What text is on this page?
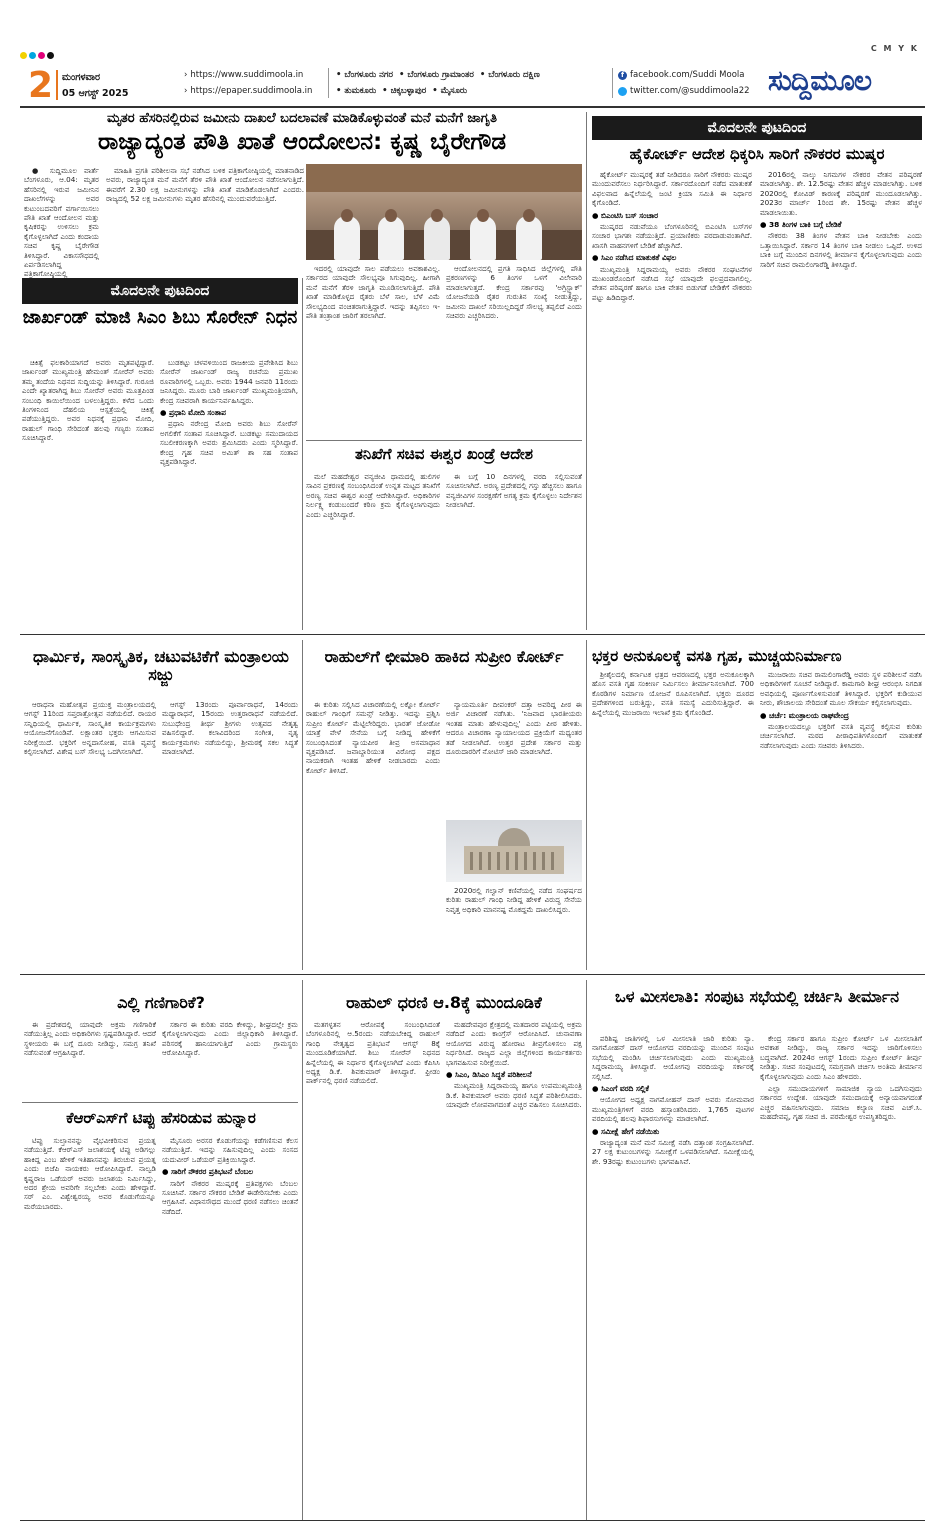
C M Y K
2 ಮಂಗಳವಾರ
05 ಆಗಸ್ಟ್ 2025
› https://www.suddimoola.in
› https://epaper.suddimoola.in
• ಬೆಂಗಳೂರು ನಗರ • ಬೆಂಗಳೂರು ಗ್ರಾಮಾಂತರ • ಬೆಂಗಳೂರು ದಕ್ಷಿಣ
• ತುಮಕೂರು • ಚಿಕ್ಕಬಳ್ಳಾಪುರ • ಮೈಸೂರು
f facebook.com/Suddi Moola
twitter.com/@suddimoola22 ಸುದ್ದಿಮೂಲ
ಮೃತರ ಹೆಸರಿನಲ್ಲಿರುವ ಜಮೀನು ದಾಖಲೆ ಬದಲಾವಣೆ ಮಾಡಿಕೊಳ್ಳುವಂತೆ ಮನೆ ಮನೆಗೆ ಜಾಗೃತಿ
ರಾಜ್ಯಾದ್ಯಂತ ಪೌತಿ ಖಾತೆ ಆಂದೋಲನ: ಕೃಷ್ಣ ಬೈರೇಗೌಡ

● ಸುದ್ದಿಮೂಲ ವಾರ್ತೆ ಬೆಂಗಳೂರು, ಆ.04: ಮೃತರ ಹೆಸರಿನಲ್ಲಿ ಇರುವ ಜಮೀನಿನ ದಾಖಲೆಗಳನ್ನು ಅವರ ಕುಟುಂಬದವರಿಗೆ ವರ್ಗಾಯಿಸಲು ಪೌತಿ ಖಾತೆ ಆಂದೋಲನ ಮತ್ತು ಕೃಷಿಕರನ್ನು ಉಳಿಸಲು ಕ್ರಮ ಕೈಗೊಳ್ಳಲಾಗಿದೆ ಎಂದು ಕಂದಾಯ ಸಚಿವ ಕೃಷ್ಣ ಬೈರೇಗೌಡ ತಿಳಿಸಿದ್ದಾರೆ. ವಿಕಾಸಸೌಧದಲ್ಲಿ ಏರ್ಪಡಿಸಲಾಗಿದ್ದ ಪತ್ರಿಕಾಗೋಷ್ಠಿಯಲ್ಲಿ

ಮಾಹಿತಿ ಪ್ರಗತಿ ಪರಿಶೀಲನಾ ಸಭೆ ನಡೆಸಿದ ಬಳಿಕ ಪತ್ರಿಕಾಗೋಷ್ಠಿಯಲ್ಲಿ ಮಾತನಾಡಿದ ಅವರು, ರಾಜ್ಯಾದ್ಯಂತ ಮನೆ ಮನೆಗೆ ತೆರಳಿ ಪೌತಿ ಖಾತೆ ಆಂದೋಲನ ನಡೆಸಲಾಗುತ್ತಿದೆ. ಈವರೆಗೆ 2.30 ಲಕ್ಷ ಜಮೀನುಗಳನ್ನು ಪೌತಿ ಖಾತೆ ಮಾಡಿಕೊಡಲಾಗಿದೆ ಎಂದರು. ರಾಜ್ಯದಲ್ಲಿ 52 ಲಕ್ಷ ಜಮೀನುಗಳು ಮೃತರ ಹೆಸರಿನಲ್ಲಿ ಮುಂದುವರೆಯುತ್ತಿದೆ.

ಇದರಲ್ಲಿ ಯಾವುದೇ ಸಾಲ ಪಡೆಯಲು ಅವಕಾಶವಿಲ್ಲ. ಸರ್ಕಾರದ ಯಾವುದೇ ಸೌಲಭ್ಯವೂ ಸಿಗುವುದಿಲ್ಲ. ಹೀಗಾಗಿ ಮನೆ ಮನೆಗೆ ತೆರಳಿ ಜಾಗೃತಿ ಮೂಡಿಸಲಾಗುತ್ತಿದೆ. ಪೌತಿ ಖಾತೆ ಮಾಡಿಕೊಳ್ಳದ ರೈತರು ಬೆಳೆ ಸಾಲ, ಬೆಳೆ ವಿಮೆ ಸೌಲಭ್ಯದಿಂದ ವಂಚಿತರಾಗುತ್ತಿದ್ದಾರೆ. ಇದನ್ನು ತಪ್ಪಿಸಲು ಇ-ಪೌತಿ ತಂತ್ರಾಂಶ ಜಾರಿಗೆ ತರಲಾಗಿದೆ.

ಆಂದೋಲನದಲ್ಲಿ ಪ್ರಗತಿ ಸಾಧಿಸಿದ ಜಿಲ್ಲೆಗಳಲ್ಲಿ ಪೌತಿ ಪ್ರಕರಣಗಳನ್ನು 6 ತಿಂಗಳ ಒಳಗೆ ವಿಲೇವಾರಿ ಮಾಡಲಾಗುತ್ತದೆ. ಕೇಂದ್ರ ಸರ್ಕಾರವು 'ಅಗ್ರಿಸ್ಟ್ಯಾಕ್' ಯೋಜನೆಯಡಿ ರೈತರ ಗುರುತಿನ ಸಂಖ್ಯೆ ನೀಡುತ್ತಿದ್ದು, ಜಮೀನು ದಾಖಲೆ ಸರಿಯಿಲ್ಲದಿದ್ದರೆ ಸೌಲಭ್ಯ ತಪ್ಪಲಿದೆ ಎಂದು ಸಚಿವರು ಎಚ್ಚರಿಸಿದರು.

ಮೊದಲನೇ ಪುಟದಿಂದ
ಜಾರ್ಖಂಡ್ ಮಾಜಿ ಸಿಎಂ ಶಿಬು ಸೊರೇನ್ ನಿಧನ

ಚಿಕಿತ್ಸೆ ಫಲಕಾರಿಯಾಗದೆ ಅವರು ಮೃತಪಟ್ಟಿದ್ದಾರೆ. ಜಾರ್ಖಂಡ್ ಮುಖ್ಯಮಂತ್ರಿ ಹೇಮಂತ್ ಸೋರೆನ್ ಅವರು ತಮ್ಮ ತಂದೆಯ ನಿಧನದ ಸುದ್ದಿಯನ್ನು ತಿಳಿಸಿದ್ದಾರೆ. ಗುರೂಜಿ ಎಂದೇ ಖ್ಯಾತರಾಗಿದ್ದ ಶಿಬು ಸೋರೆನ್ ಅವರು ಮೂತ್ರಪಿಂಡ ಸಂಬಂಧಿ ಕಾಯಿಲೆಯಿಂದ ಬಳಲುತ್ತಿದ್ದರು. ಕಳೆದ ಒಂದು ತಿಂಗಳಿನಿಂದ ದೆಹಲಿಯ ಆಸ್ಪತ್ರೆಯಲ್ಲಿ ಚಿಕಿತ್ಸೆ ಪಡೆಯುತ್ತಿದ್ದರು. ಅವರ ನಿಧನಕ್ಕೆ ಪ್ರಧಾನಿ ಮೋದಿ, ರಾಹುಲ್ ಗಾಂಧಿ ಸೇರಿದಂತೆ ಹಲವು ಗಣ್ಯರು ಸಂತಾಪ ಸೂಚಿಸಿದ್ದಾರೆ.

ಬುಡಕಟ್ಟು ಚಳವಳಿಯಿಂದ ರಾಜಕೀಯ ಪ್ರವೇಶಿಸಿದ ಶಿಬು ಸೋರೆನ್ ಜಾರ್ಖಂಡ್ ರಾಜ್ಯ ರಚನೆಯ ಪ್ರಮುಖ ರೂವಾರಿಗಳಲ್ಲಿ ಒಬ್ಬರು. ಅವರು 1944 ಜನವರಿ 11ರಂದು ಜನಿಸಿದ್ದರು. ಮೂರು ಬಾರಿ ಜಾರ್ಖಂಡ್ ಮುಖ್ಯಮಂತ್ರಿಯಾಗಿ, ಕೇಂದ್ರ ಸಚಿವರಾಗಿ ಕಾರ್ಯನಿರ್ವಹಿಸಿದ್ದರು.

● ಪ್ರಧಾನಿ ಮೋದಿ ಸಂತಾಪ

ಪ್ರಧಾನಿ ನರೇಂದ್ರ ಮೋದಿ ಅವರು ಶಿಬು ಸೋರೆನ್ ಅಗಲಿಕೆಗೆ ಸಂತಾಪ ಸೂಚಿಸಿದ್ದಾರೆ. ಬುಡಕಟ್ಟು ಸಮುದಾಯದ ಸಬಲೀಕರಣಕ್ಕಾಗಿ ಅವರು ಶ್ರಮಿಸಿದರು ಎಂದು ಸ್ಮರಿಸಿದ್ದಾರೆ. ಕೇಂದ್ರ ಗೃಹ ಸಚಿವ ಅಮಿತ್ ಶಾ ಸಹ ಸಂತಾಪ ವ್ಯಕ್ತಪಡಿಸಿದ್ದಾರೆ.	ತನಿಖೆಗೆ ಸಚಿವ ಈಶ್ವರ ಖಂಡ್ರೆ ಆದೇಶ

ಮಲೆ ಮಹದೇಶ್ವರ ವನ್ಯಜೀವಿ ಧಾಮದಲ್ಲಿ ಹುಲಿಗಳ ಸಾವಿನ ಪ್ರಕರಣಕ್ಕೆ ಸಂಬಂಧಿಸಿದಂತೆ ಉನ್ನತ ಮಟ್ಟದ ತನಿಖೆಗೆ ಅರಣ್ಯ ಸಚಿವ ಈಶ್ವರ ಖಂಡ್ರೆ ಆದೇಶಿಸಿದ್ದಾರೆ. ಅಧಿಕಾರಿಗಳ ನಿರ್ಲಕ್ಷ್ಯ ಕಂಡುಬಂದರೆ ಕಠಿಣ ಕ್ರಮ ಕೈಗೊಳ್ಳಲಾಗುವುದು ಎಂದು ಎಚ್ಚರಿಸಿದ್ದಾರೆ.

ಈ ಬಗ್ಗೆ 10 ದಿನಗಳಲ್ಲಿ ವರದಿ ಸಲ್ಲಿಸುವಂತೆ ಸೂಚಿಸಲಾಗಿದೆ. ಅರಣ್ಯ ಪ್ರದೇಶದಲ್ಲಿ ಗಸ್ತು ಹೆಚ್ಚಿಸಲು ಹಾಗೂ ವನ್ಯಜೀವಿಗಳ ಸಂರಕ್ಷಣೆಗೆ ಅಗತ್ಯ ಕ್ರಮ ಕೈಗೊಳ್ಳಲು ನಿರ್ದೇಶನ ನೀಡಲಾಗಿದೆ.

ಮೊದಲನೇ ಪುಟದಿಂದ
ಹೈಕೋರ್ಟ್ ಆದೇಶ ಧಿಕ್ಕರಿಸಿ ಸಾರಿಗೆ ನೌಕರರ ಮುಷ್ಕರ

ಹೈಕೋರ್ಟ್ ಮುಷ್ಕರಕ್ಕೆ ತಡೆ ನೀಡಿದರೂ ಸಾರಿಗೆ ನೌಕರರು ಮುಷ್ಕರ ಮುಂದುವರೆಸಲು ನಿರ್ಧರಿಸಿದ್ದಾರೆ. ಸರ್ಕಾರದೊಂದಿಗೆ ನಡೆದ ಮಾತುಕತೆ ವಿಫಲವಾದ ಹಿನ್ನೆಲೆಯಲ್ಲಿ ಜಂಟಿ ಕ್ರಿಯಾ ಸಮಿತಿ ಈ ನಿರ್ಧಾರ ಕೈಗೊಂಡಿದೆ.

● ಬಿಎಂಟಿಸಿ ಬಸ್ ಸಂಚಾರ

ಮುಷ್ಕರದ ನಡುವೆಯೂ ಬೆಂಗಳೂರಿನಲ್ಲಿ ಬಿಎಂಟಿಸಿ ಬಸ್‌ಗಳ ಸಂಚಾರ ಭಾಗಶಃ ನಡೆಯುತ್ತಿದೆ. ಪ್ರಯಾಣಿಕರು ಪರದಾಡುವಂತಾಗಿದೆ. ಖಾಸಗಿ ವಾಹನಗಳಿಗೆ ಬೇಡಿಕೆ ಹೆಚ್ಚಾಗಿದೆ.

● ಸಿಎಂ ನಡೆಸಿದ ಮಾತುಕತೆ ವಿಫಲ

ಮುಖ್ಯಮಂತ್ರಿ ಸಿದ್ದರಾಮಯ್ಯ ಅವರು ನೌಕರರ ಸಂಘಟನೆಗಳ ಮುಖಂಡರೊಂದಿಗೆ ನಡೆಸಿದ ಸಭೆ ಯಾವುದೇ ಫಲಪ್ರದವಾಗಲಿಲ್ಲ. ವೇತನ ಪರಿಷ್ಕರಣೆ ಹಾಗೂ ಬಾಕಿ ವೇತನ ಬಿಡುಗಡೆ ಬೇಡಿಕೆಗೆ ನೌಕರರು ಪಟ್ಟು ಹಿಡಿದಿದ್ದಾರೆ.

2016ರಲ್ಲಿ ನಾಲ್ಕು ನಿಗಮಗಳ ನೌಕರರ ವೇತನ ಪರಿಷ್ಕರಣೆ ಮಾಡಲಾಗಿತ್ತು. ಶೇ. 12.5ರಷ್ಟು ವೇತನ ಹೆಚ್ಚಳ ಮಾಡಲಾಗಿತ್ತು. ಬಳಿಕ 2020ರಲ್ಲಿ ಕೋವಿಡ್ ಕಾರಣಕ್ಕೆ ಪರಿಷ್ಕರಣೆ ಮುಂದೂಡಲಾಗಿತ್ತು. 2023ರ ಮಾರ್ಚ್ 1ರಿಂದ ಶೇ. 15ರಷ್ಟು ವೇತನ ಹೆಚ್ಚಳ ಮಾಡಲಾಯಿತು.

● 38 ತಿಂಗಳ ಬಾಕಿ ಬಗ್ಗೆ ಬೇಡಿಕೆ

ನೌಕರರು 38 ತಿಂಗಳ ವೇತನ ಬಾಕಿ ನೀಡಬೇಕು ಎಂದು ಒತ್ತಾಯಿಸಿದ್ದಾರೆ. ಸರ್ಕಾರ 14 ತಿಂಗಳ ಬಾಕಿ ನೀಡಲು ಒಪ್ಪಿದೆ. ಉಳಿದ ಬಾಕಿ ಬಗ್ಗೆ ಮುಂದಿನ ದಿನಗಳಲ್ಲಿ ತೀರ್ಮಾನ ಕೈಗೊಳ್ಳಲಾಗುವುದು ಎಂದು ಸಾರಿಗೆ ಸಚಿವ ರಾಮಲಿಂಗಾರೆಡ್ಡಿ ತಿಳಿಸಿದ್ದಾರೆ.

ಧಾರ್ಮಿಕ, ಸಾಂಸ್ಕೃತಿಕ, ಚಟುವಟಿಕೆಗೆ ಮಂತ್ರಾಲಯ ಸಜ್ಜು

ಆರಾಧನಾ ಮಹೋತ್ಸವ ಪ್ರಯುಕ್ತ ಮಂತ್ರಾಲಯದಲ್ಲಿ ಆಗಸ್ಟ್ 11ರಿಂದ ಸಪ್ತರಾತ್ರೋತ್ಸವ ನಡೆಯಲಿದೆ. ರಾಯರ ಸನ್ನಿಧಿಯಲ್ಲಿ ಧಾರ್ಮಿಕ, ಸಾಂಸ್ಕೃತಿಕ ಕಾರ್ಯಕ್ರಮಗಳು ಆಯೋಜನೆಗೊಂಡಿವೆ. ಲಕ್ಷಾಂತರ ಭಕ್ತರು ಆಗಮಿಸುವ ನಿರೀಕ್ಷೆಯಿದೆ. ಭಕ್ತರಿಗೆ ಅನ್ನದಾಸೋಹ, ವಸತಿ ವ್ಯವಸ್ಥೆ ಕಲ್ಪಿಸಲಾಗಿದೆ. ವಿಶೇಷ ಬಸ್ ಸೌಲಭ್ಯ ಒದಗಿಸಲಾಗಿದೆ.

ಆಗಸ್ಟ್ 13ರಂದು ಪೂರ್ವಾರಾಧನೆ, 14ರಂದು ಮಧ್ಯಾರಾಧನೆ, 15ರಂದು ಉತ್ತರಾರಾಧನೆ ನಡೆಯಲಿದೆ. ಸುಬುಧೇಂದ್ರ ತೀರ್ಥ ಶ್ರೀಗಳು ಉತ್ಸವದ ನೇತೃತ್ವ ವಹಿಸಲಿದ್ದಾರೆ. ಕಲಾವಿದರಿಂದ ಸಂಗೀತ, ನೃತ್ಯ ಕಾರ್ಯಕ್ರಮಗಳು ನಡೆಯಲಿದ್ದು, ಶ್ರೀಮಠಕ್ಕೆ ಸಕಲ ಸಿದ್ಧತೆ ಮಾಡಲಾಗಿದೆ.

ರಾಹುಲ್‌ಗೆ ಛೀಮಾರಿ ಹಾಕಿದ ಸುಪ್ರೀಂ ಕೋರ್ಟ್

ಈ ಕುರಿತು ಸಲ್ಲಿಸಿದ ವಿಚಾರಣೆಯಲ್ಲಿ ಲಕ್ನೋ ಕೋರ್ಟ್ ರಾಹುಲ್ ಗಾಂಧಿಗೆ ಸಮನ್ಸ್ ನೀಡಿತ್ತು. ಇದನ್ನು ಪ್ರಶ್ನಿಸಿ ಸುಪ್ರೀಂ ಕೋರ್ಟ್ ಮೆಟ್ಟಿಲೇರಿದ್ದರು. ಭಾರತ್ ಜೋಡೋ ಯಾತ್ರೆ ವೇಳೆ ಸೇನೆಯ ಬಗ್ಗೆ ನೀಡಿದ್ದ ಹೇಳಿಕೆಗೆ ಸಂಬಂಧಿಸಿದಂತೆ ನ್ಯಾಯಪೀಠ ತೀವ್ರ ಅಸಮಾಧಾನ ವ್ಯಕ್ತಪಡಿಸಿದೆ. ಜವಾಬ್ದಾರಿಯುತ ವಿರೋಧ ಪಕ್ಷದ ನಾಯಕರಾಗಿ ಇಂತಹ ಹೇಳಿಕೆ ನೀಡಬಾರದು ಎಂದು ಕೋರ್ಟ್ ತಿಳಿಸಿದೆ.

ನ್ಯಾಯಮೂರ್ತಿ ದೀಪಂಕರ್ ದತ್ತಾ ಅವರಿದ್ದ ಪೀಠ ಈ ಅರ್ಜಿ ವಿಚಾರಣೆ ನಡೆಸಿತು. 'ನಿಜವಾದ ಭಾರತೀಯರು ಇಂತಹ ಮಾತು ಹೇಳುವುದಿಲ್ಲ' ಎಂದು ಪೀಠ ಹೇಳಿತು. ಆದರೂ ವಿಚಾರಣಾ ನ್ಯಾಯಾಲಯದ ಪ್ರಕ್ರಿಯೆಗೆ ಮಧ್ಯಂತರ ತಡೆ ನೀಡಲಾಗಿದೆ. ಉತ್ತರ ಪ್ರದೇಶ ಸರ್ಕಾರ ಮತ್ತು ದೂರುದಾರರಿಗೆ ನೋಟಿಸ್ ಜಾರಿ ಮಾಡಲಾಗಿದೆ.

2020ರಲ್ಲಿ ಗಲ್ವಾನ್ ಕಣಿವೆಯಲ್ಲಿ ನಡೆದ ಸಂಘರ್ಷದ ಕುರಿತು ರಾಹುಲ್ ಗಾಂಧಿ ನೀಡಿದ್ದ ಹೇಳಿಕೆ ವಿರುದ್ಧ ಸೇನೆಯ ನಿವೃತ್ತ ಅಧಿಕಾರಿ ಮಾನನಷ್ಟ ಮೊಕದ್ದಮೆ ದಾಖಲಿಸಿದ್ದರು.

ಭಕ್ತರ ಅನುಕೂಲಕ್ಕೆ ವಸತಿ ಗೃಹ, ಮುಚ್ಚಯನಿರ್ಮಾಣ

ಶ್ರೀಶೈಲದಲ್ಲಿ ಕರ್ನಾಟಕ ಛತ್ರದ ಆವರಣದಲ್ಲಿ ಭಕ್ತರ ಅನುಕೂಲಕ್ಕಾಗಿ ಹೊಸ ವಸತಿ ಗೃಹ ಸಂಕೀರ್ಣ ನಿರ್ಮಿಸಲು ತೀರ್ಮಾನಿಸಲಾಗಿದೆ. 700 ಕೊಠಡಿಗಳ ನಿರ್ಮಾಣ ಯೋಜನೆ ರೂಪಿಸಲಾಗಿದೆ. ಭಕ್ತರು ದೂರದ ಪ್ರದೇಶಗಳಿಂದ ಬರುತ್ತಿದ್ದು, ವಸತಿ ಸಮಸ್ಯೆ ಎದುರಿಸುತ್ತಿದ್ದಾರೆ. ಈ ಹಿನ್ನೆಲೆಯಲ್ಲಿ ಮುಜರಾಯಿ ಇಲಾಖೆ ಕ್ರಮ ಕೈಗೊಂಡಿದೆ.

ಮುಜರಾಯಿ ಸಚಿವ ರಾಮಲಿಂಗಾರೆಡ್ಡಿ ಅವರು ಸ್ಥಳ ಪರಿಶೀಲನೆ ನಡೆಸಿ ಅಧಿಕಾರಿಗಳಿಗೆ ಸೂಚನೆ ನೀಡಿದ್ದಾರೆ. ಕಾಮಗಾರಿ ಶೀಘ್ರ ಆರಂಭಿಸಿ ನಿಗದಿತ ಅವಧಿಯಲ್ಲಿ ಪೂರ್ಣಗೊಳಿಸುವಂತೆ ತಿಳಿಸಿದ್ದಾರೆ. ಭಕ್ತರಿಗೆ ಕುಡಿಯುವ ನೀರು, ಶೌಚಾಲಯ ಸೇರಿದಂತೆ ಮೂಲ ಸೌಕರ್ಯ ಕಲ್ಪಿಸಲಾಗುವುದು.

● ಚರ್ಚೆ: ಮಂತ್ರಾಲಯ ರಾಘವೇಂದ್ರ

ಮಂತ್ರಾಲಯದಲ್ಲೂ ಭಕ್ತರಿಗೆ ವಸತಿ ವ್ಯವಸ್ಥೆ ಕಲ್ಪಿಸುವ ಕುರಿತು ಚರ್ಚಿಸಲಾಗಿದೆ. ಮಠದ ಪೀಠಾಧಿಪತಿಗಳೊಂದಿಗೆ ಮಾತುಕತೆ ನಡೆಸಲಾಗುವುದು ಎಂದು ಸಚಿವರು ತಿಳಿಸಿದರು.

ಎಲ್ಲಿ ಗಣಿಗಾರಿಕೆ?

ಈ ಪ್ರದೇಶದಲ್ಲಿ ಯಾವುದೇ ಅಕ್ರಮ ಗಣಿಗಾರಿಕೆ ನಡೆಯುತ್ತಿಲ್ಲ ಎಂದು ಅಧಿಕಾರಿಗಳು ಸ್ಪಷ್ಟಪಡಿಸಿದ್ದಾರೆ. ಆದರೆ ಸ್ಥಳೀಯರು ಈ ಬಗ್ಗೆ ದೂರು ನೀಡಿದ್ದು, ಸಮಗ್ರ ತನಿಖೆ ನಡೆಸುವಂತೆ ಆಗ್ರಹಿಸಿದ್ದಾರೆ.

ಸರ್ಕಾರ ಈ ಕುರಿತು ವರದಿ ಕೇಳಿದ್ದು, ಶೀಘ್ರದಲ್ಲೇ ಕ್ರಮ ಕೈಗೊಳ್ಳಲಾಗುವುದು ಎಂದು ಜಿಲ್ಲಾಧಿಕಾರಿ ತಿಳಿಸಿದ್ದಾರೆ. ಪರಿಸರಕ್ಕೆ ಹಾನಿಯಾಗುತ್ತಿದೆ ಎಂದು ಗ್ರಾಮಸ್ಥರು ಆರೋಪಿಸಿದ್ದಾರೆ.

ಕೆಆರ್‌ಎಸ್‌ಗೆ ಟಿಪ್ಪು ಹೆಸರಿಡುವ ಹುನ್ನಾರ

ಟಿಪ್ಪು ಸುಲ್ತಾನನನ್ನು ವೈಭವೀಕರಿಸುವ ಪ್ರಯತ್ನ ನಡೆಯುತ್ತಿದೆ. ಕೆಆರ್‌ಎಸ್ ಜಲಾಶಯಕ್ಕೆ ಟಿಪ್ಪು ಅಡಿಗಲ್ಲು ಹಾಕಿದ್ದ ಎಂಬ ಹೇಳಿಕೆ ಇತಿಹಾಸವನ್ನು ತಿರುಚುವ ಪ್ರಯತ್ನ ಎಂದು ಬಿಜೆಪಿ ನಾಯಕರು ಆರೋಪಿಸಿದ್ದಾರೆ. ನಾಲ್ವಡಿ ಕೃಷ್ಣರಾಜ ಒಡೆಯರ್ ಅವರು ಜಲಾಶಯ ನಿರ್ಮಿಸಿದ್ದು, ಅದರ ಶ್ರೇಯ ಅವರಿಗೇ ಸಲ್ಲಬೇಕು ಎಂದು ಹೇಳಿದ್ದಾರೆ. ಸರ್‌ ಎಂ. ವಿಶ್ವೇಶ್ವರಯ್ಯ ಅವರ ಕೊಡುಗೆಯನ್ನೂ ಮರೆಯಬಾರದು.

ಮೈಸೂರು ಅರಸರ ಕೊಡುಗೆಯನ್ನು ಕಡೆಗಣಿಸುವ ಕೆಲಸ ನಡೆಯುತ್ತಿದೆ. ಇದನ್ನು ಸಹಿಸುವುದಿಲ್ಲ ಎಂದು ಸಂಸದ ಯದುವೀರ್ ಒಡೆಯರ್ ಪ್ರತಿಕ್ರಿಯಿಸಿದ್ದಾರೆ.

● ಸಾರಿಗೆ ನೌಕರರ ಪ್ರತಿಭಟನೆ ಬೆಂಬಲ

ಸಾರಿಗೆ ನೌಕರರ ಮುಷ್ಕರಕ್ಕೆ ಪ್ರತಿಪಕ್ಷಗಳು ಬೆಂಬಲ ಸೂಚಿಸಿವೆ. ಸರ್ಕಾರ ನೌಕರರ ಬೇಡಿಕೆ ಈಡೇರಿಸಬೇಕು ಎಂದು ಆಗ್ರಹಿಸಿವೆ. ವಿಧಾನಸೌಧದ ಮುಂದೆ ಧರಣಿ ನಡೆಸಲು ಚಿಂತನೆ ನಡೆದಿದೆ.

ರಾಹುಲ್ ಧರಣಿ ಆ.8ಕ್ಕೆ ಮುಂದೂಡಿಕೆ

ಮತಗಳ್ಳತನ ಆರೋಪಕ್ಕೆ ಸಂಬಂಧಿಸಿದಂತೆ ಬೆಂಗಳೂರಿನಲ್ಲಿ ಆ.5ರಂದು ನಡೆಯಬೇಕಿದ್ದ ರಾಹುಲ್ ಗಾಂಧಿ ನೇತೃತ್ವದ ಪ್ರತಿಭಟನೆ ಆಗಸ್ಟ್ 8ಕ್ಕೆ ಮುಂದೂಡಿಕೆಯಾಗಿದೆ. ಶಿಬು ಸೋರೆನ್ ನಿಧನದ ಹಿನ್ನೆಲೆಯಲ್ಲಿ ಈ ನಿರ್ಧಾರ ಕೈಗೊಳ್ಳಲಾಗಿದೆ ಎಂದು ಕೆಪಿಸಿಸಿ ಅಧ್ಯಕ್ಷ ಡಿ.ಕೆ. ಶಿವಕುಮಾರ್ ತಿಳಿಸಿದ್ದಾರೆ. ಫ್ರೀಡಂ ಪಾರ್ಕ್‌ನಲ್ಲಿ ಧರಣಿ ನಡೆಯಲಿದೆ.

ಮಹದೇವಪುರ ಕ್ಷೇತ್ರದಲ್ಲಿ ಮತದಾರರ ಪಟ್ಟಿಯಲ್ಲಿ ಅಕ್ರಮ ನಡೆದಿದೆ ಎಂದು ಕಾಂಗ್ರೆಸ್ ಆರೋಪಿಸಿದೆ. ಚುನಾವಣಾ ಆಯೋಗದ ವಿರುದ್ಧ ಹೋರಾಟ ತೀವ್ರಗೊಳಿಸಲು ಪಕ್ಷ ನಿರ್ಧರಿಸಿದೆ. ರಾಜ್ಯದ ಎಲ್ಲಾ ಜಿಲ್ಲೆಗಳಿಂದ ಕಾರ್ಯಕರ್ತರು ಭಾಗವಹಿಸುವ ನಿರೀಕ್ಷೆಯಿದೆ.

● ಸಿಎಂ, ಡಿಸಿಎಂ ಸಿದ್ಧತೆ ಪರಿಶೀಲನೆ

ಮುಖ್ಯಮಂತ್ರಿ ಸಿದ್ದರಾಮಯ್ಯ ಹಾಗೂ ಉಪಮುಖ್ಯಮಂತ್ರಿ ಡಿ.ಕೆ. ಶಿವಕುಮಾರ್ ಅವರು ಧರಣಿ ಸಿದ್ಧತೆ ಪರಿಶೀಲಿಸಿದರು. ಯಾವುದೇ ಲೋಪವಾಗದಂತೆ ಎಚ್ಚರ ವಹಿಸಲು ಸೂಚಿಸಿದರು.

ಒಳ ಮೀಸಲಾತಿ: ಸಂಪುಟ ಸಭೆಯಲ್ಲಿ ಚರ್ಚಿಸಿ ತೀರ್ಮಾನ

ಪರಿಶಿಷ್ಟ ಜಾತಿಗಳಲ್ಲಿ ಒಳ ಮೀಸಲಾತಿ ಜಾರಿ ಕುರಿತು ನ್ಯಾ. ನಾಗಮೋಹನ್ ದಾಸ್ ಆಯೋಗದ ವರದಿಯನ್ನು ಮುಂದಿನ ಸಂಪುಟ ಸಭೆಯಲ್ಲಿ ಮಂಡಿಸಿ ಚರ್ಚಿಸಲಾಗುವುದು ಎಂದು ಮುಖ್ಯಮಂತ್ರಿ ಸಿದ್ದರಾಮಯ್ಯ ತಿಳಿಸಿದ್ದಾರೆ. ಆಯೋಗವು ವರದಿಯನ್ನು ಸರ್ಕಾರಕ್ಕೆ ಸಲ್ಲಿಸಿದೆ.

● ಸಿಎಂಗೆ ವರದಿ ಸಲ್ಲಿಕೆ

ಆಯೋಗದ ಅಧ್ಯಕ್ಷ ನಾಗಮೋಹನ್ ದಾಸ್ ಅವರು ಸೋಮವಾರ ಮುಖ್ಯಮಂತ್ರಿಗಳಿಗೆ ವರದಿ ಹಸ್ತಾಂತರಿಸಿದರು. 1,765 ಪುಟಗಳ ವರದಿಯಲ್ಲಿ ಹಲವು ಶಿಫಾರಸುಗಳನ್ನು ಮಾಡಲಾಗಿದೆ.

● ಸಮೀಕ್ಷೆ ಹೇಗೆ ನಡೆಯಿತು

ರಾಜ್ಯಾದ್ಯಂತ ಮನೆ ಮನೆ ಸಮೀಕ್ಷೆ ನಡೆಸಿ ದತ್ತಾಂಶ ಸಂಗ್ರಹಿಸಲಾಗಿದೆ. 27 ಲಕ್ಷ ಕುಟುಂಬಗಳನ್ನು ಸಮೀಕ್ಷೆಗೆ ಒಳಪಡಿಸಲಾಗಿದೆ. ಸಮೀಕ್ಷೆಯಲ್ಲಿ ಶೇ. 93ರಷ್ಟು ಕುಟುಂಬಗಳು ಭಾಗವಹಿಸಿವೆ.

ಕೇಂದ್ರ ಸರ್ಕಾರ ಹಾಗೂ ಸುಪ್ರೀಂ ಕೋರ್ಟ್ ಒಳ ಮೀಸಲಾತಿಗೆ ಅವಕಾಶ ನೀಡಿದ್ದು, ರಾಜ್ಯ ಸರ್ಕಾರ ಇದನ್ನು ಜಾರಿಗೊಳಿಸಲು ಬದ್ಧವಾಗಿದೆ. 2024ರ ಆಗಸ್ಟ್ 1ರಂದು ಸುಪ್ರೀಂ ಕೋರ್ಟ್ ತೀರ್ಪು ನೀಡಿತ್ತು. ಸಚಿವ ಸಂಪುಟದಲ್ಲಿ ಸಮಗ್ರವಾಗಿ ಚರ್ಚಿಸಿ ಅಂತಿಮ ತೀರ್ಮಾನ ಕೈಗೊಳ್ಳಲಾಗುವುದು ಎಂದು ಸಿಎಂ ಹೇಳಿದರು.

ಎಲ್ಲಾ ಸಮುದಾಯಗಳಿಗೆ ಸಾಮಾಜಿಕ ನ್ಯಾಯ ಒದಗಿಸುವುದು ಸರ್ಕಾರದ ಉದ್ದೇಶ. ಯಾವುದೇ ಸಮುದಾಯಕ್ಕೆ ಅನ್ಯಾಯವಾಗದಂತೆ ಎಚ್ಚರ ವಹಿಸಲಾಗುವುದು. ಸಮಾಜ ಕಲ್ಯಾಣ ಸಚಿವ ಎಚ್.ಸಿ. ಮಹದೇವಪ್ಪ, ಗೃಹ ಸಚಿವ ಜಿ. ಪರಮೇಶ್ವರ ಉಪಸ್ಥಿತರಿದ್ದರು.
